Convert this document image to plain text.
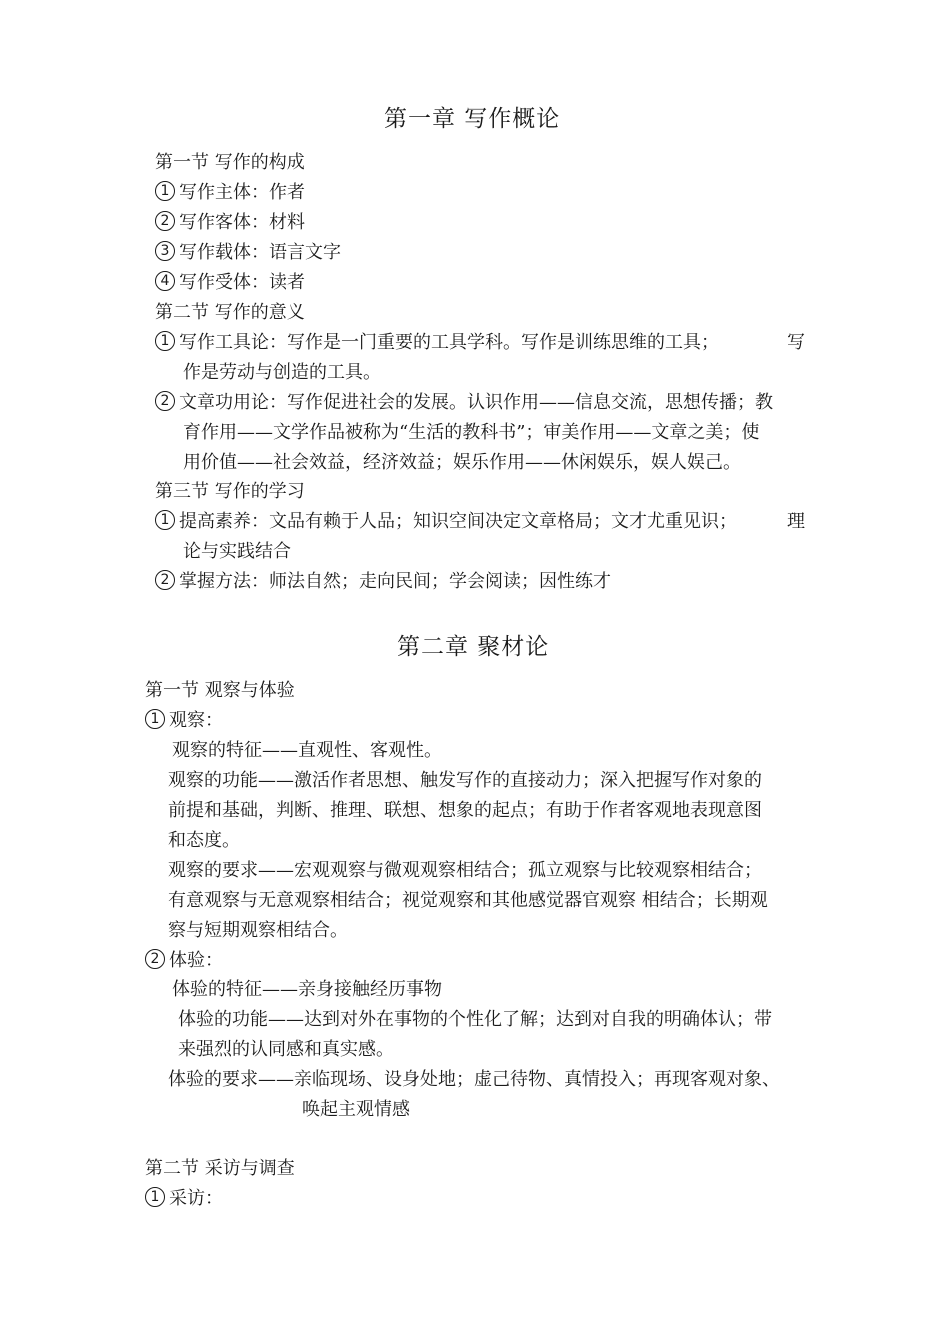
第一章 写作概论
第一节 写作的构成
1 写作主体：作者
2 写作客体：材料
3 写作载体：语言文字
4 写作受体：读者
第二节 写作的意义
1 写作工具论：写作是一门重要的工具学科。写作是训练思维的工具；	写
作是劳动与创造的工具。
2 文章功用论：写作促进社会的发展。认识作用——信息交流，思想传播；教
育作用——文学作品被称为“生活的教科书”；审美作用——文章之美；使
用价值——社会效益，经济效益；娱乐作用——休闲娱乐，娱人娱己。
第三节 写作的学习
1 提高素养：文品有赖于人品；知识空间决定文章格局；文才尤重见识；	理
论与实践结合
2 掌握方法：师法自然；走向民间；学会阅读；因性练才
第二章 聚材论
第一节 观察与体验
1 观察：
观察的特征——直观性、客观性。
观察的功能——激活作者思想、触发写作的直接动力；深入把握写作对象的
前提和基础，判断、推理、联想、想象的起点；有助于作者客观地表现意图
和态度。
观察的要求——宏观观察与微观观察相结合；孤立观察与比较观察相结合；
有意观察与无意观察相结合；视觉观察和其他感觉器官观察 相结合；长期观
察与短期观察相结合。
2 体验：
体验的特征——亲身接触经历事物
体验的功能——达到对外在事物的个性化了解；达到对自我的明确体认；带
来强烈的认同感和真实感。
体验的要求——亲临现场、设身处地；虚己待物、真情投入；再现客观对象、
唤起主观情感
第二节 采访与调查
1 采访：
